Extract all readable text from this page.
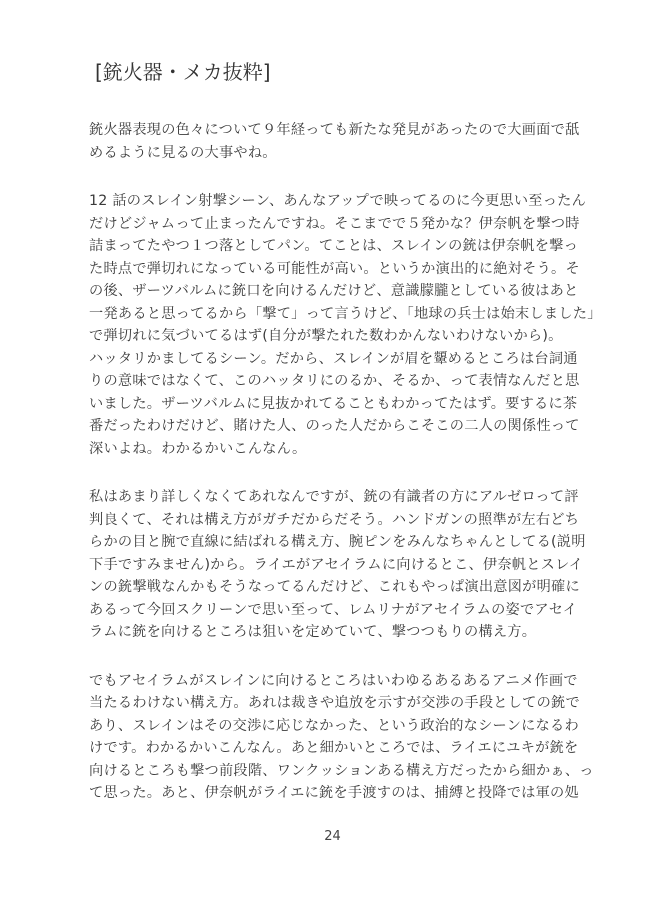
[銃火器・メカ抜粋]

銃火器表現の色々について９年経っても新たな発見があったので大画面で舐
めるように見るの大事やね。

12 話のスレイン射撃シーン、あんなアップで映ってるのに今更思い至ったん
だけどジャムって止まったんですね。そこまでで５発かな？伊奈帆を撃つ時
詰まってたやつ１つ落としてパン。てことは、スレインの銃は伊奈帆を撃っ
た時点で弾切れになっている可能性が高い。というか演出的に絶対そう。そ
の後、ザーツバルムに銃口を向けるんだけど、意識朦朧としている彼はあと
一発あると思ってるから「撃て」って言うけど、「地球の兵士は始末しました」
で弾切れに気づいてるはず(自分が撃たれた数わかんないわけないから)。
ハッタリかましてるシーン。だから、スレインが眉を顰めるところは台詞通
りの意味ではなくて、このハッタリにのるか、そるか、って表情なんだと思
いました。ザーツバルムに見抜かれてることもわかってたはず。要するに茶
番だったわけだけど、賭けた人、のった人だからこそこの二人の関係性って
深いよね。わかるかいこんなん。

私はあまり詳しくなくてあれなんですが、銃の有識者の方にアルゼロって評
判良くて、それは構え方がガチだからだそう。ハンドガンの照準が左右どち
らかの目と腕で直線に結ばれる構え方、腕ピンをみんなちゃんとしてる(説明
下手ですみません)から。ライエがアセイラムに向けるとこ、伊奈帆とスレイ
ンの銃撃戦なんかもそうなってるんだけど、これもやっぱ演出意図が明確に
あるって今回スクリーンで思い至って、レムリナがアセイラムの姿でアセイ
ラムに銃を向けるところは狙いを定めていて、撃つつもりの構え方。

でもアセイラムがスレインに向けるところはいわゆるあるあるアニメ作画で
当たるわけない構え方。あれは裁きや追放を示すが交渉の手段としての銃で
あり、スレインはその交渉に応じなかった、という政治的なシーンになるわ
けです。わかるかいこんなん。あと細かいところでは、ライエにユキが銃を
向けるところも撃つ前段階、ワンクッションある構え方だったから細かぁ、っ
て思った。あと、伊奈帆がライエに銃を手渡すのは、捕縛と投降では軍の処

24
